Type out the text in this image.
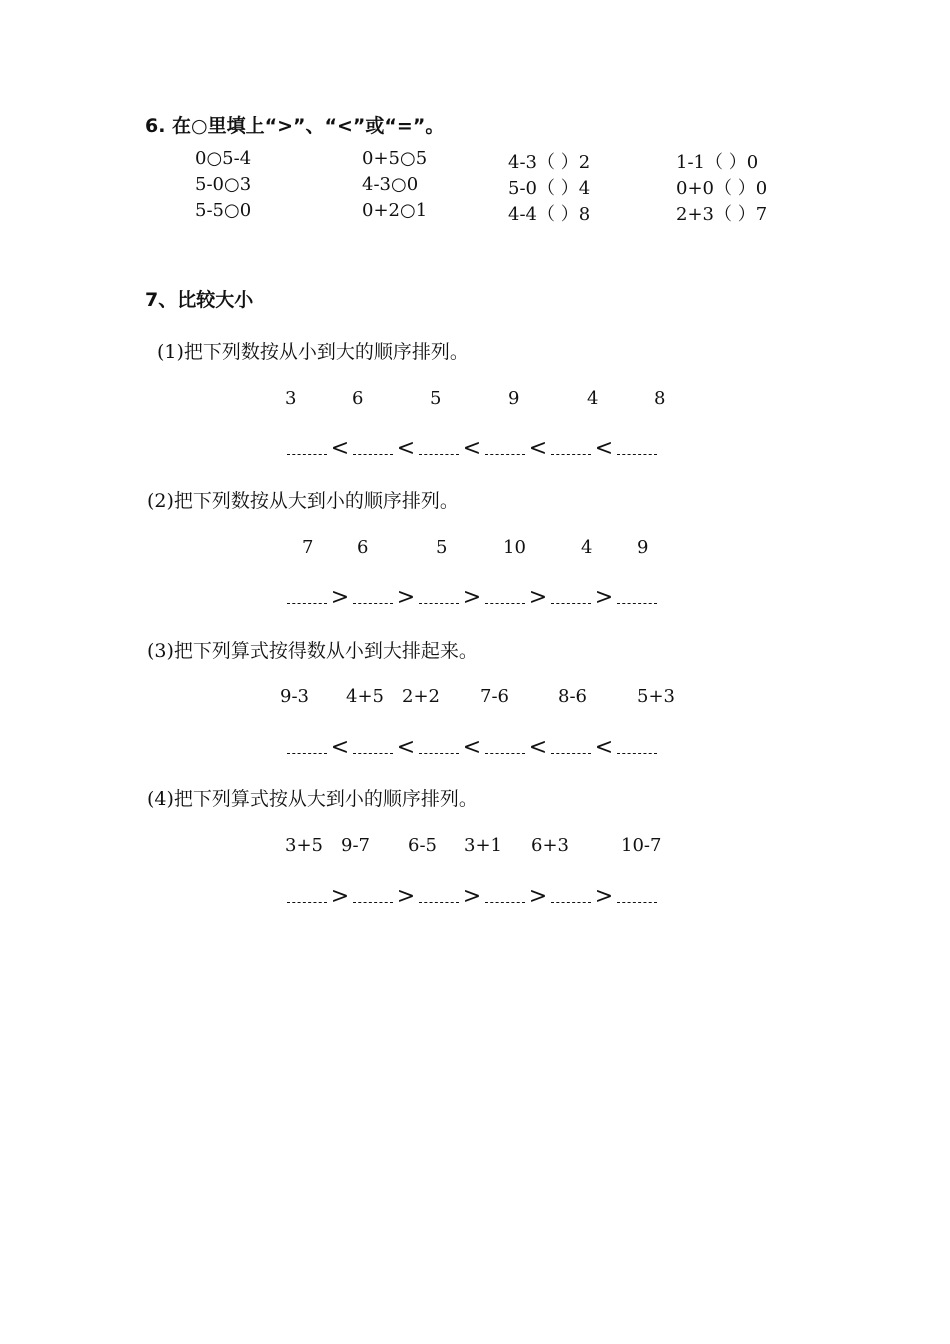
6. 在○里填上“>”、“<”或“=”。
0○5-4	0+5○5	4-3（ ）2	1-1（ ）0
5-0○3	4-3○0	5-0（ ）4	0+0（ ）0
5-5○0	0+2○1	4-4（ ）8	2+3（ ）7
7、比较大小
(1)把下列数按从小到大的顺序排列。
3	6	5	9	4	8
< < < < <
(2)把下列数按从大到小的顺序排列。
7 6	5	10	4 9
> > > > >
(3)把下列算式按得数从小到大排起来。
9-3 4+5 2+2 7-6	8-6	5+3
< < < < <
(4)把下列算式按从大到小的顺序排列。
3+5 9-7 6-5 3+1 6+3	10-7
> > > > >
